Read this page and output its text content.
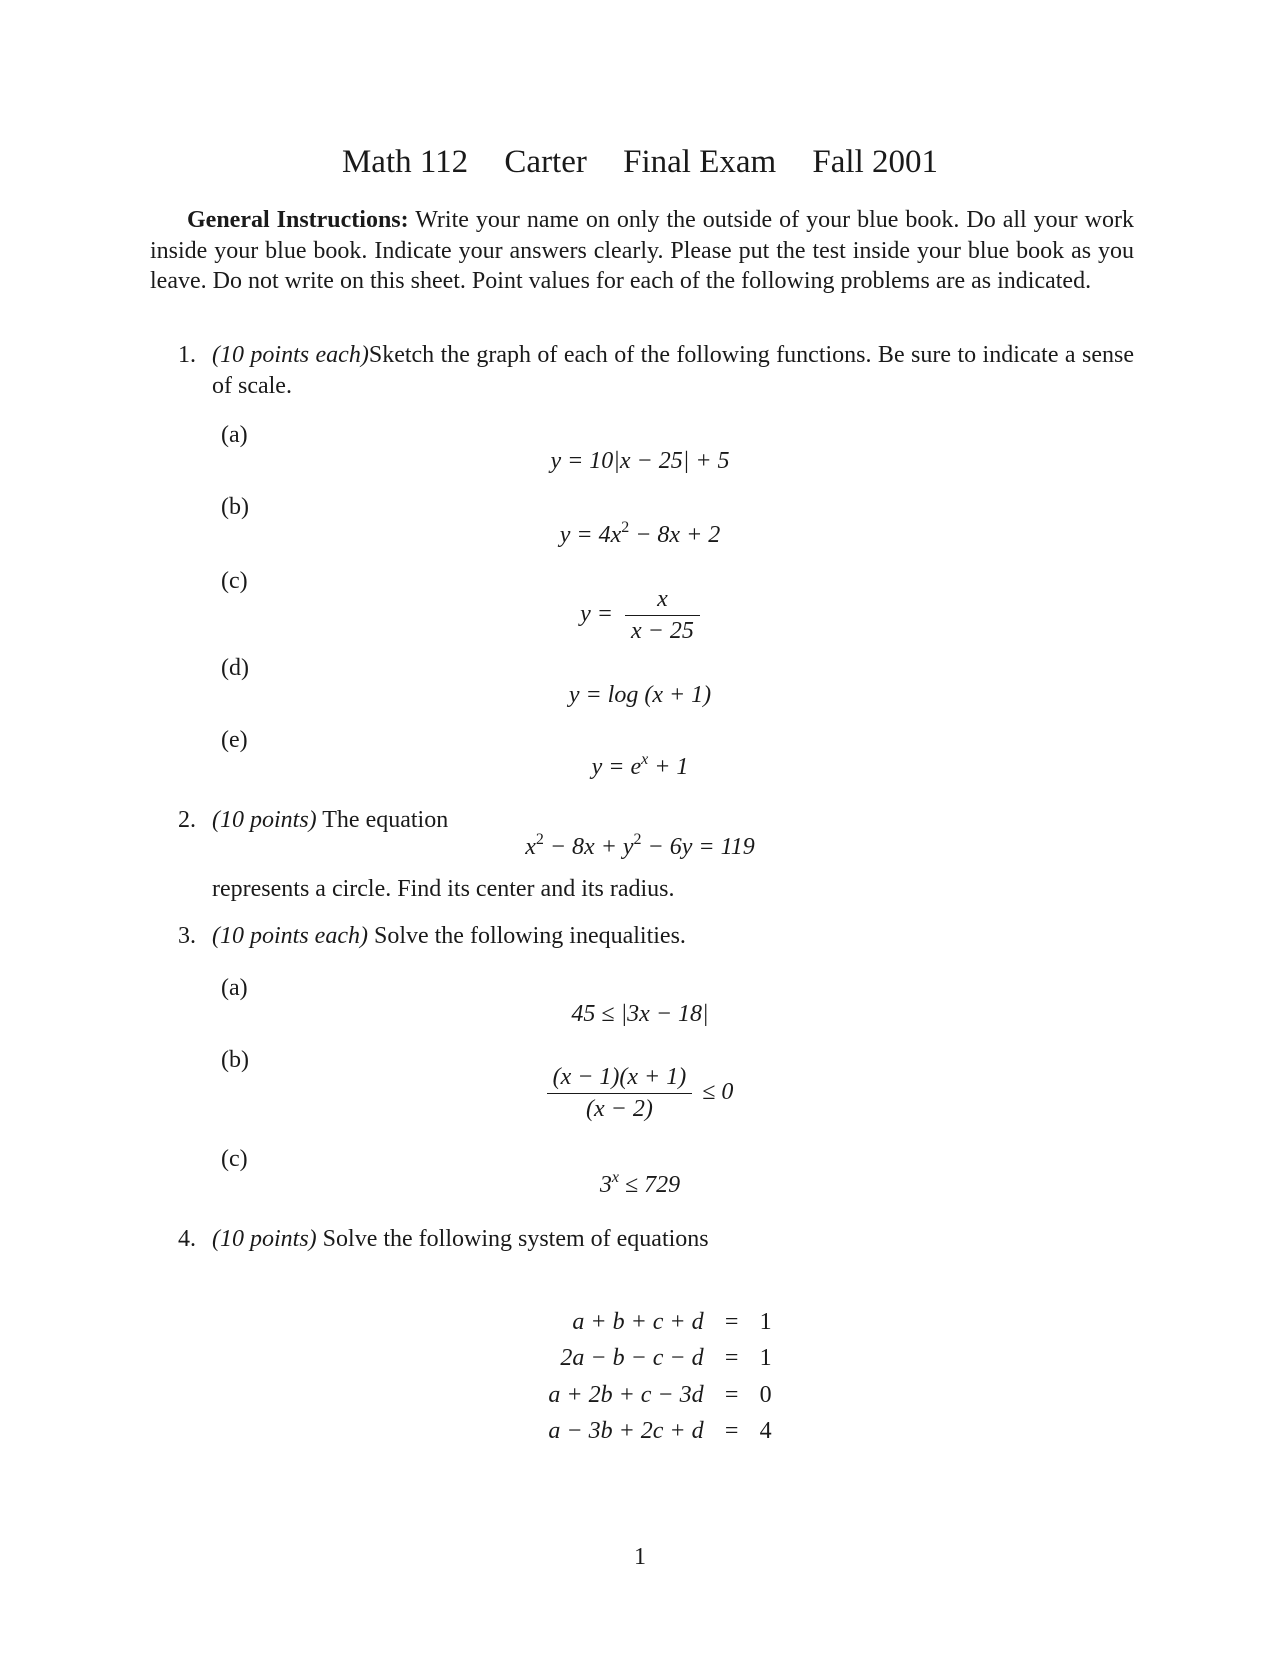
Math 112 Carter Final Exam Fall 2001
General Instructions: Write your name on only the outside of your blue book. Do all your work inside your blue book. Indicate your answers clearly. Please put the test inside your blue book as you leave. Do not write on this sheet. Point values for each of the following problems are as indicated.
1. (10 points each)Sketch the graph of each of the following functions. Be sure to indicate a sense of scale.
(a)
y = 10|x − 25| + 5
(b)
$y = 4x^2 - 8x + 2$
(c)
$y = \frac{x}{x - 25}$
(d)
y = log (x + 1)
(e)
$y = e^x + 1$
2. (10 points) The equation
$x^2 - 8x + y^2 - 6y = 119$
represents a circle. Find its center and its radius.
3. (10 points each) Solve the following inequalities.
(a)
45 ≤ |3x − 18|
(b)
$\frac{(x - 1)(x + 1)}{(x - 2)} \le 0$
(c)
$3^x \le 729$
4. (10 points) Solve the following system of equations
a + b + c + d	=	1
2a − b − c − d	=	1
a + 2b + c − 3d	=	0
a − 3b + 2c + d	=	4
1
